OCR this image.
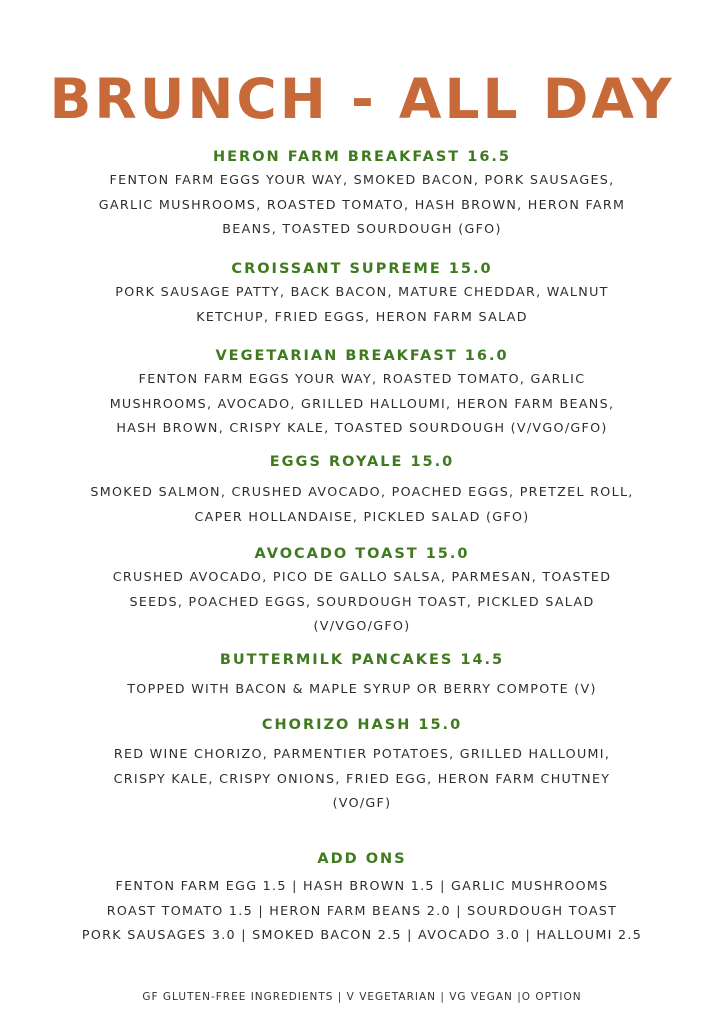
BRUNCH - ALL DAY
HERON FARM BREAKFAST 16.5
FENTON FARM EGGS YOUR WAY, SMOKED BACON, PORK SAUSAGES,
GARLIC MUSHROOMS, ROASTED TOMATO, HASH BROWN, HERON FARM
BEANS, TOASTED SOURDOUGH (GFO)
CROISSANT SUPREME 15.0
PORK SAUSAGE PATTY, BACK BACON, MATURE CHEDDAR, WALNUT
KETCHUP, FRIED EGGS, HERON FARM SALAD
VEGETARIAN BREAKFAST 16.0
FENTON FARM EGGS YOUR WAY, ROASTED TOMATO, GARLIC
MUSHROOMS, AVOCADO, GRILLED HALLOUMI, HERON FARM BEANS,
HASH BROWN, CRISPY KALE, TOASTED SOURDOUGH (V/VGO/GFO)
EGGS ROYALE 15.0
SMOKED SALMON, CRUSHED AVOCADO, POACHED EGGS, PRETZEL ROLL,
CAPER HOLLANDAISE, PICKLED SALAD (GFO)
AVOCADO TOAST 15.0
CRUSHED AVOCADO, PICO DE GALLO SALSA, PARMESAN, TOASTED
SEEDS, POACHED EGGS, SOURDOUGH TOAST, PICKLED SALAD
(V/VGO/GFO)
BUTTERMILK PANCAKES 14.5
TOPPED WITH BACON & MAPLE SYRUP OR BERRY COMPOTE (V)
CHORIZO HASH 15.0
RED WINE CHORIZO, PARMENTIER POTATOES, GRILLED HALLOUMI,
CRISPY KALE, CRISPY ONIONS, FRIED EGG, HERON FARM CHUTNEY
(VO/GF)
ADD ONS
FENTON FARM EGG 1.5 | HASH BROWN 1.5 | GARLIC MUSHROOMS
ROAST TOMATO 1.5 | HERON FARM BEANS 2.0 | SOURDOUGH TOAST
PORK SAUSAGES 3.0 | SMOKED BACON 2.5 | AVOCADO 3.0 | HALLOUMI 2.5
GF GLUTEN-FREE INGREDIENTS | V VEGETARIAN | VG VEGAN |O OPTION
